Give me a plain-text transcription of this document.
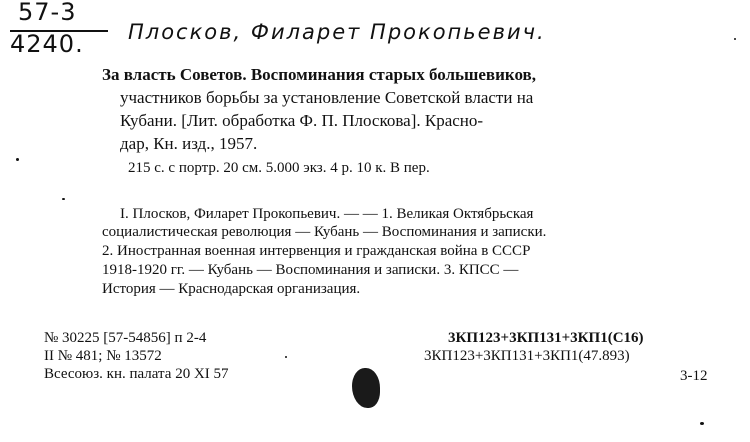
57-3
4240. Плосков, Филарет Прокопьевич.
За власть Советов. Воспоминания старых большевиков,
участников борьбы за установление Советской власти на
Кубани. [Лит. обработка Ф. П. Плоскова]. Красно-
дар, Кн. изд., 1957.
215 с. с портр. 20 см. 5.000 экз. 4 р. 10 к. В пер.
I. Плосков, Филарет Прокопьевич. — — 1. Великая Октябрьская
социалистическая революция — Кубань — Воспоминания и записки.
2. Иностранная военная интервенция и гражданская война в СССР
1918-1920 гг. — Кубань — Воспоминания и записки. 3. КПСС —
История — Краснодарская организация.
№ 30225 [57-54856] п 2-4
II № 481; № 13572
Всесоюз. кн. палата 20 XI 57
3КП123+3КП131+3КП1(С16)
3КП123+3КП131+3КП1(47.893)
3-12
